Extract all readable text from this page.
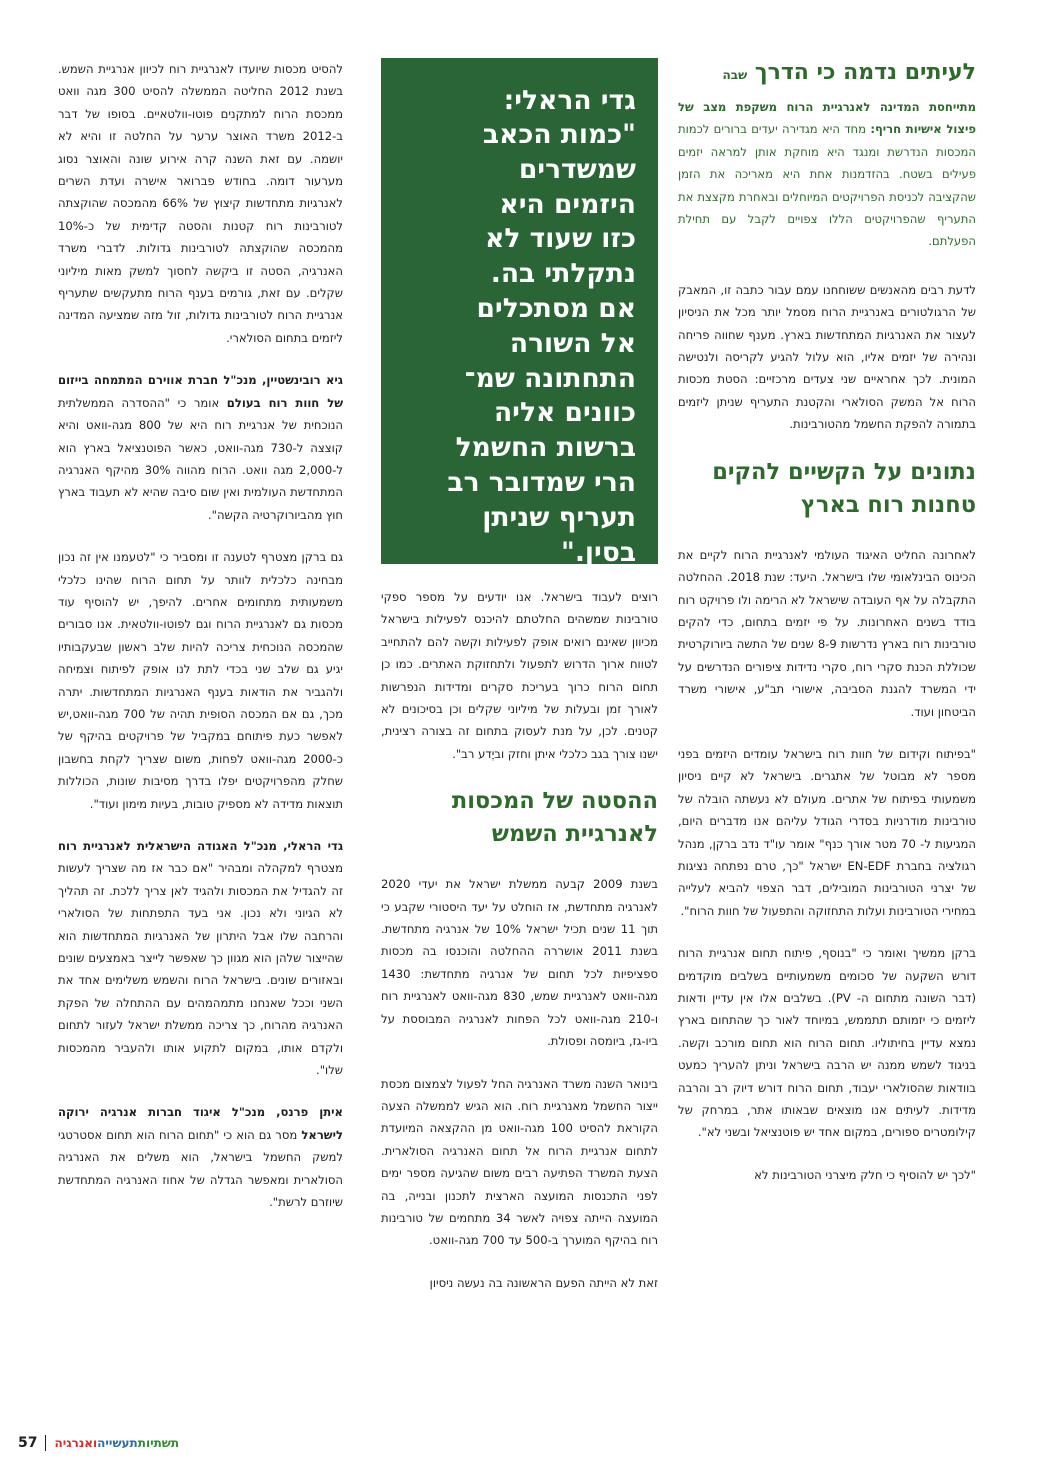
לעיתים נדמה כי הדרך שבה

מתייחסת המדינה לאנרגיית הרוח משקפת מצב של פיצול אישיות חריף: מחד היא מגדירה יעדים ברורים לכמות המכסות הנדרשת ומנגד היא מוחקת אותן למראה יזמים פעילים בשטח. בהזדמנות אחת היא מאריכה את הזמן שהקציבה לכניסת הפרויקטים המיוחלים ובאחרת מקצצת את התעריף שהפרויקטים הללו צפויים לקבל עם תחילת הפעלתם.

לדעת רבים מהאנשים ששוחחנו עמם עבור כתבה זו, המאבק של הרגולטורים באנרגיית הרוח מסמל יותר מכל את הניסיון לעצור את האנרגיות המתחדשות בארץ. מענף שחווה פריחה ונהירה של יזמים אליו, הוא עלול להגיע לקריסה ולנטישה המונית. לכך אחראיים שני צעדים מרכזיים: הסטת מכסות הרוח אל המשק הסולארי והקטנת התעריף שניתן ליזמים בתמורה להפקת החשמל מהטורבינות.

נתונים על הקשיים להקים
טחנות רוח בארץ

לאחרונה החליט האיגוד העולמי לאנרגיית הרוח לקיים את הכינוס הבינלאומי שלו בישראל. היעד: שנת 2018. ההחלטה התקבלה על אף העובדה שישראל לא הרימה ולו פרויקט רוח בודד בשנים האחרונות. על פי יזמים בתחום, כדי להקים טורבינות רוח בארץ נדרשות 8-9 שנים של התשה ביורוקרטית שכוללת הכנת סקרי רוח, סקרי נדידות ציפורים הנדרשים על ידי המשרד להגנת הסביבה, אישורי תב"ע, אישורי משרד הביטחון ועוד.

"בפיתוח וקידום של חוות רוח בישראל עומדים היזמים בפני מספר לא מבוטל של אתגרים. בישראל לא קיים ניסיון משמעותי בפיתוח של אתרים. מעולם לא נעשתה הובלה של טורבינות מודרניות בסדרי הגודל עליהם אנו מדברים היום, המגיעות ל- 70 מטר אורך כנף" אומר עו"ד נדב ברקן, מנהל רגולציה בחברת EN-EDF ישראל "כך, טרם נפתחה נציגות של יצרני הטורבינות המובילים, דבר הצפוי להביא לעלייה במחירי הטורבינות ועלות התחזוקה והתפעול של חוות הרוח".

ברקן ממשיך ואומר כי "בנוסף, פיתוח תחום אנרגיית הרוח דורש השקעה של סכומים משמעותיים בשלבים מוקדמים (דבר השונה מתחום ה- PV). בשלבים אלו אין עדיין ודאות ליזמים כי יזמותם תתממש, במיוחד לאור כך שהתחום בארץ נמצא עדיין בחיתוליו. תחום הרוח הוא תחום מורכב וקשה. בניגוד לשמש ממנה יש הרבה בישראל וניתן להעריך כמעט בוודאות שהסולארי יעבוד, תחום הרוח דורש דיוק רב והרבה מדידות. לעיתים אנו מוצאים שבאותו אתר, במרחק של קילומטרים ספורים, במקום אחד יש פוטנציאל ובשני לא".

"לכך יש להוסיף כי חלק מיצרני הטורבינות לא

גדי הראלי:

"כמות הכאב
שמשדרים
היזמים היא
כזו שעוד לא
נתקלתי בה.
אם מסתכלים
אל השורה
התחתונה שמ־
כוונים אליה
ברשות החשמל
הרי שמדובר רב
תעריף שניתן
בסין."

רוצים לעבוד בישראל. אנו יודעים על מספר ספקי טורבינות שמשהים החלטתם להיכנס לפעילות בישראל מכיוון שאינם רואים אופק לפעילות וקשה להם להתחייב לטווח ארוך הדרוש לתפעול ולתחזוקת האתרים. כמו כן תחום הרוח כרוך בעריכת סקרים ומדידות הנפרשות לאורך זמן ובעלות של מיליוני שקלים וכן בסיכונים לא קטנים. לכן, על מנת לעסוק בתחום זה בצורה רצינית, ישנו צורך בגב כלכלי איתן וחזק וביֶדע רב".

ההסטה של המכסות
לאנרגיית השמש

בשנת 2009 קבעה ממשלת ישראל את יעדי 2020 לאנרגיה מתחדשת, אז הוחלט על יעד היסטורי שקבע כי תוך 11 שנים תכיל ישראל 10% של אנרגיה מתחדשת. בשנת 2011 אושררה ההחלטה והוכנסו בה מכסות ספציפיות לכל תחום של אנרגיה מתחדשת: 1430 מגה-וואט לאנרגיית שמש, 830 מגה-וואט לאנרגיית רוח ו-210 מגה-וואט לכל הפחות לאנרגיה המבוססת על ביו-גז, ביומסה ופסולת.

בינואר השנה משרד האנרגיה החל לפעול לצמצום מכסת ייצור החשמל מאנרגיית רוח. הוא הגיש לממשלה הצעה הקוראת להסיט 100 מגה-וואט מן ההקצאה המיועדת לתחום אנרגיית הרוח אל תחום האנרגיה הסולארית. הצעת המשרד הפתיעה רבים משום שהגיעה מספר ימים לפני התכנסות המועצה הארצית לתכנון ובנייה, בה המועצה הייתה צפויה לאשר 34 מתחמים של טורבינות רוח בהיקף המוערך ב-500 עד 700 מגה-וואט.

זאת לא הייתה הפעם הראשונה בה נעשה ניסיון

להסיט מכסות שיועדו לאנרגיית רוח לכיוון אנרגיית השמש. בשנת 2012 החליטה הממשלה להסיט 300 מגה וואט ממכסת הרוח למתקנים פוטו-וולטאיים. בסופו של דבר ב-2012 משרד האוצר ערער על החלטה זו והיא לא יושמה. עם זאת השנה קרה אירוע שונה והאוצר נסוג מערעור דומה. בחודש פברואר אישרה ועדת השרים לאנרגיות מתחדשות קיצוץ של 66% מהמכסה שהוקצתה לטורבינות רוח קטנות והסטה קדימית של כ-10% מהמכסה שהוקצתה לטורבינות גדולות. לדברי משרד האנרגיה, הסטה זו ביקשה לחסוך למשק מאות מיליוני שקלים. עם זאת, גורמים בענף הרוח מתעקשים שתעריף אנרגיית הרוח לטורבינות גדולות, זול מזה שמציעה המדינה ליזמים בתחום הסולארי.

גיא רובינשטיין, מנכ"ל חברת אווירם המתמחה בייזום של חוות רוח בעולם אומר כי "ההסדרה הממשלתית הנוכחית של אנרגיית רוח היא של 800 מגה-וואט והיא קוצצה ל-730 מגה-וואט, כאשר הפוטנציאל בארץ הוא ל-2,000 מגה וואט. הרוח מהווה 30% מהיקף האנרגיה המתחדשת העולמית ואין שום סיבה שהיא לא תעבוד בארץ חוץ מהביורוקרטיה הקשה".

גם ברקן מצטרף לטענה זו ומסביר כי "לטעמנו אין זה נכון מבחינה כלכלית לוותר על תחום הרוח שהינו כלכלי משמעותית מתחומים אחרים. להיפך, יש להוסיף עוד מכסות גם לאנרגיית הרוח וגם לפוטו-וולטאית. אנו סבורים שהמכסה הנוכחית צריכה להיות שלב ראשון שבעקבותיו יגיע גם שלב שני בכדי לתת לנו אופק לפיתוח וצמיחה ולהגביר את הודאות בענף האנרגיות המתחדשות. יתרה מכך, גם אם המכסה הסופית תהיה של 700 מגה-וואט,יש לאפשר כעת פיתוחם במקביל של פרויקטים בהיקף של כ-2000 מגה-וואט לפחות, משום שצריך לקחת בחשבון שחלק מהפרויקטים יפלו בדרך מסיבות שונות, הכוללות תוצאות מדידה לא מספיק טובות, בעיות מימון ועוד".

גדי הראלי, מנכ"ל האגודה הישראלית לאנרגיית רוח מצטרף למקהלה ומבהיר "אם כבר אז מה שצריך לעשות זה להגדיל את המכסות ולהגיד לאן צריך ללכת. זה תהליך לא הגיוני ולא נכון. אני בעד התפתחות של הסולארי והרחבה שלו אבל היתרון של האנרגיות המתחדשות הוא שהייצור שלהן הוא מגוון כך שאפשר לייצר באמצעים שונים ובאזורים שונים. בישראל הרוח והשמש משלימים אחד את השני וככל שאנחנו מתמהמהים עם ההתחלה של הפקת האנרגיה מהרוח, כך צריכה ממשלת ישראל לעזור לתחום ולקדם אותו, במקום לתקוע אותו ולהעביר מהמכסות שלו".

איתן פרנס, מנכ"ל איגוד חברות אנרגיה ירוקה לישראל מסר גם הוא כי "תחום הרוח הוא תחום אסטרטגי למשק החשמל בישראל, הוא משלים את האנרגיה הסולארית ומאפשר הגדלה של אחוז האנרגיה המתחדשת שיוזרם לרשת".

57	תשתיותתעשייהואנרגיה
